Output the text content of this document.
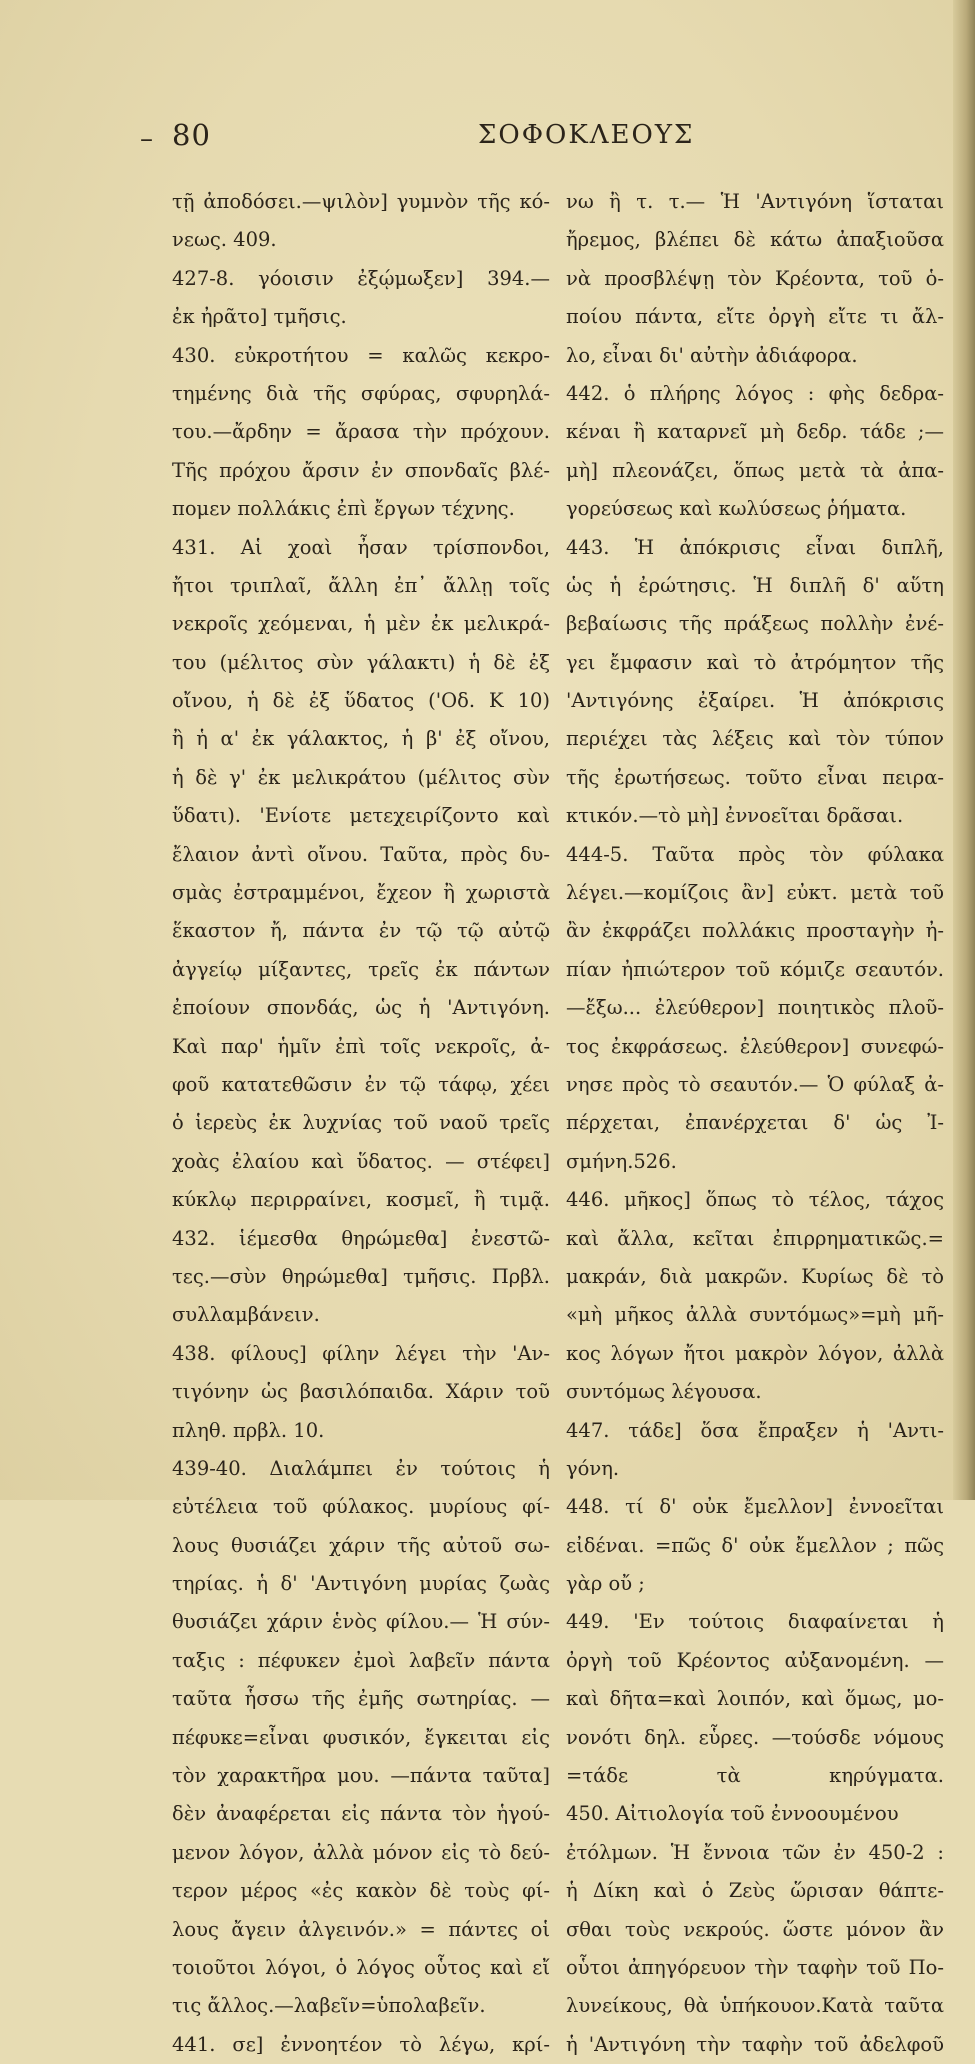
– 80	ΣΟΦΟΚΛΕΟΥΣ
τῇ ἀποδόσει.—ψιλὸν] γυμνὸν τῆς κό-
νεως. 409.
427-8. γόοισιν ἐξῴμωξεν] 394.—
ἐκ ἠρᾶτο] τμῆσις.
430. εὐκροτήτου = καλῶς κεκρο-
τημένης διὰ τῆς σφύρας, σφυρηλά-
του.—ἄρδην = ἄρασα τὴν πρόχουν.
Τῆς πρόχου ἄρσιν ἐν σπονδαῖς βλέ-
πομεν πολλάκις ἐπὶ ἔργων τέχνης.
431. Αἱ χοαὶ ἦσαν τρίσπονδοι,
ἤτοι τριπλαῖ, ἄλλη ἐπ᾽ ἄλλῃ τοῖς
νεκροῖς χεόμεναι, ἡ μὲν ἐκ μελικρά-
του (μέλιτος σὺν γάλακτι) ἡ δὲ ἐξ
οἴνου, ἡ δὲ ἐξ ὕδατος ('Οδ. Κ 10)
ἢ ἡ α' ἐκ γάλακτος, ἡ β' ἐξ οἴνου,
ἡ δὲ γ' ἐκ μελικράτου (μέλιτος σὺν
ὕδατι). 'Ενίοτε μετεχειρίζοντο καὶ
ἔλαιον ἀντὶ οἴνου. Ταῦτα, πρὸς δυ-
σμὰς ἐστραμμένοι, ἔχεον ἢ χωριστὰ
ἕκαστον ἤ, πάντα ἐν τῷ τῷ αὐτῷ
ἀγγείῳ μίξαντες, τρεῖς ἐκ πάντων
ἐποίουν σπονδάς, ὡς ἡ 'Αντιγόνη.
Καὶ παρ' ἡμῖν ἐπὶ τοῖς νεκροῖς, ἀ-
φοῦ κατατεθῶσιν ἐν τῷ τάφῳ, χέει
ὁ ἱερεὺς ἐκ λυχνίας τοῦ ναοῦ τρεῖς
χοὰς ἐλαίου καὶ ὕδατος. — στέφει]
κύκλῳ περιρραίνει, κοσμεῖ, ἢ τιμᾷ.
432. ἱέμεσθα θηρώμεθα] ἐνεστῶ-
τες.—σὺν θηρώμεθα] τμῆσις. Πρβλ.
συλλαμβάνειν.
438. φίλους] φίλην λέγει τὴν 'Αν-
τιγόνην ὡς βασιλόπαιδα. Χάριν τοῦ
πληθ. πρβλ. 10.
439-40. Διαλάμπει ἐν τούτοις ἡ
εὐτέλεια τοῦ φύλακος. μυρίους φί-
λους θυσιάζει χάριν τῆς αὐτοῦ σω-
τηρίας. ἡ δ' 'Αντιγόνη μυρίας ζωὰς
θυσιάζει χάριν ἑνὸς φίλου.— Ἡ σύν-
ταξις : πέφυκεν ἐμοὶ λαβεῖν πάντα
ταῦτα ἧσσω τῆς ἐμῆς σωτηρίας. —
πέφυκε=εἶναι φυσικόν, ἔγκειται εἰς
τὸν χαρακτῆρα μου. —πάντα ταῦτα]
δὲν ἀναφέρεται εἰς πάντα τὸν ἡγού-
μενον λόγον, ἀλλὰ μόνον εἰς τὸ δεύ-
τερον μέρος «ἐς κακὸν δὲ τοὺς φί-
λους ἄγειν ἀλγεινόν.» = πάντες οἱ
τοιοῦτοι λόγοι, ὁ λόγος οὗτος καὶ εἴ
τις ἄλλος.—λαβεῖν=ὑπολαβεῖν.
441. σε] ἐννοητέον τὸ λέγω, κρί-
νω ἢ τ. τ.— Ἡ 'Αντιγόνη ἵσταται
ἤρεμος, βλέπει δὲ κάτω ἀπαξιοῦσα
νὰ προσβλέψῃ τὸν Κρέοντα, τοῦ ὁ-
ποίου πάντα, εἴτε ὀργὴ εἴτε τι ἄλ-
λο, εἶναι δι' αὐτὴν ἀδιάφορα.
442. ὁ πλήρης λόγος : φὴς δεδρα-
κέναι ἢ καταρνεῖ μὴ δεδρ. τάδε ;—
μὴ] πλεονάζει, ὅπως μετὰ τὰ ἀπα-
γορεύσεως καὶ κωλύσεως ῥήματα.
443. Ἡ ἀπόκρισις εἶναι διπλῆ,
ὡς ἡ ἐρώτησις. Ἡ διπλῆ δ' αὕτη
βεβαίωσις τῆς πράξεως πολλὴν ἐνέ-
γει ἔμφασιν καὶ τὸ ἀτρόμητον τῆς
'Αντιγόνης ἐξαίρει. Ἡ ἀπόκρισις
περιέχει τὰς λέξεις καὶ τὸν τύπον
τῆς ἐρωτήσεως. τοῦτο εἶναι πειρα-
κτικόν.—τὸ μὴ] ἐννοεῖται δρᾶσαι.
444-5. Ταῦτα πρὸς τὸν φύλακα
λέγει.—κομίζοις ἂν] εὐκτ. μετὰ τοῦ
ἂν ἐκφράζει πολλάκις προσταγὴν ἠ-
πίαν ἠπιώτερον τοῦ κόμιζε σεαυτόν.
—ἔξω... ἐλεύθερον] ποιητικὸς πλοῦ-
τος ἐκφράσεως. ἐλεύθερον] συνεφώ-
νησε πρὸς τὸ σεαυτόν.— Ὁ φύλαξ ἀ-
πέρχεται, ἐπανέρχεται δ' ὡς Ἰ-
σμήνη.526.
446. μῆκος] ὅπως τὸ τέλος, τάχος
καὶ ἄλλα, κεῖται ἐπιρρηματικῶς.=
μακράν, διὰ μακρῶν. Κυρίως δὲ τὸ
«μὴ μῆκος ἀλλὰ συντόμως»=μὴ μῆ-
κος λόγων ἤτοι μακρὸν λόγον, ἀλλὰ
συντόμως λέγουσα.
447. τάδε] ὅσα ἔπραξεν ἡ 'Αντι-
γόνη.
448. τί δ' οὐκ ἔμελλον] ἐννοεῖται
εἰδέναι. =πῶς δ' οὐκ ἔμελλον ; πῶς
γὰρ οὔ ;
449. 'Εν τούτοις διαφαίνεται ἡ
ὀργὴ τοῦ Κρέοντος αὐξανομένη. —
καὶ δῆτα=καὶ λοιπόν, καὶ ὅμως, μο-
νονότι δηλ. εὗρες. —τούσδε νόμους
=τάδε τὰ κηρύγματα.
450. Αἰτιολογία τοῦ ἐννοουμένου
ἐτόλμων. Ἡ ἔννοια τῶν ἐν 450-2 :
ἡ Δίκη καὶ ὁ Ζεὺς ὥρισαν θάπτε-
σθαι τοὺς νεκρούς. ὥστε μόνον ἂν
οὗτοι ἀπηγόρευον τὴν ταφὴν τοῦ Πο-
λυνείκους, θὰ ὑπήκουον.Κατὰ ταῦτα
ἡ 'Αντιγόνη τὴν ταφὴν τοῦ ἀδελφοῦ
